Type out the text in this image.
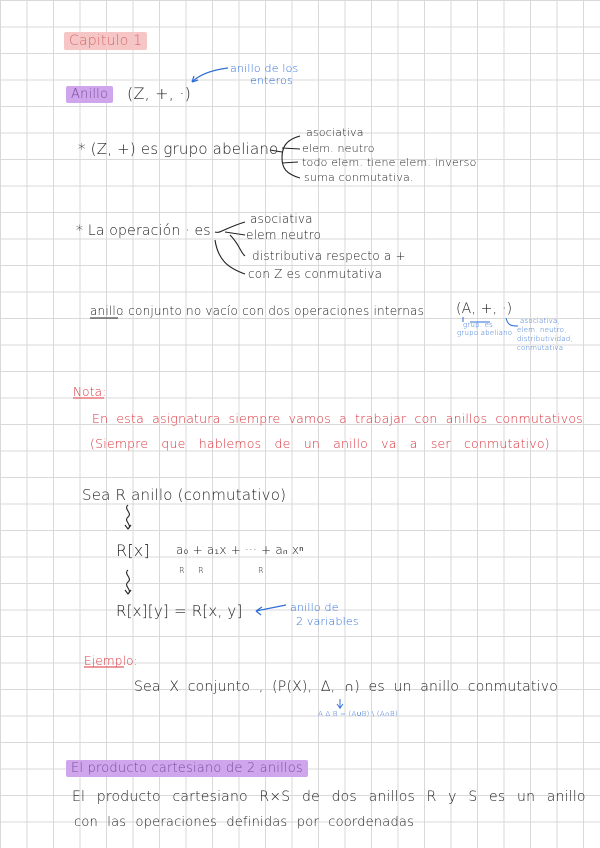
Capitulo 1
Anillo	(Z, +, ·)
anillo de los
enteros
* (Z, +) es grupo abeliano
asociativa
elem. neutro
todo elem. tiene elem. inverso
suma conmutativa.
* La operación · es
asociativa
elem neutro
distributiva respecto a +
con Z es conmutativa
anillo
: conjunto no vacío con dos operaciones internas (A, +, ·)
grup. es
grupo abeliano
asociativa,
elem. neutro,
distributividad,
conmutativa
Nota:
En esta asignatura siempre vamos a trabajar con anillos conmutativos
(Siempre que hablemos de un anillo va a ser conmutativo)
Sea R anillo (conmutativo)
R[x] a₀ + a₁x + ··· + aₙ xⁿ
R R	R
R[x][y] = R[x, y]	anillo de
2 variables
Ejemplo:
Sea X conjunto , (P(X), Δ, ∩) es un anillo conmutativo
A Δ B = (A∪B) \ (A∩B)
El producto cartesiano de 2 anillos
El producto cartesiano R×S de dos anillos R y S es un anillo
con las operaciones definidas por coordenadas
